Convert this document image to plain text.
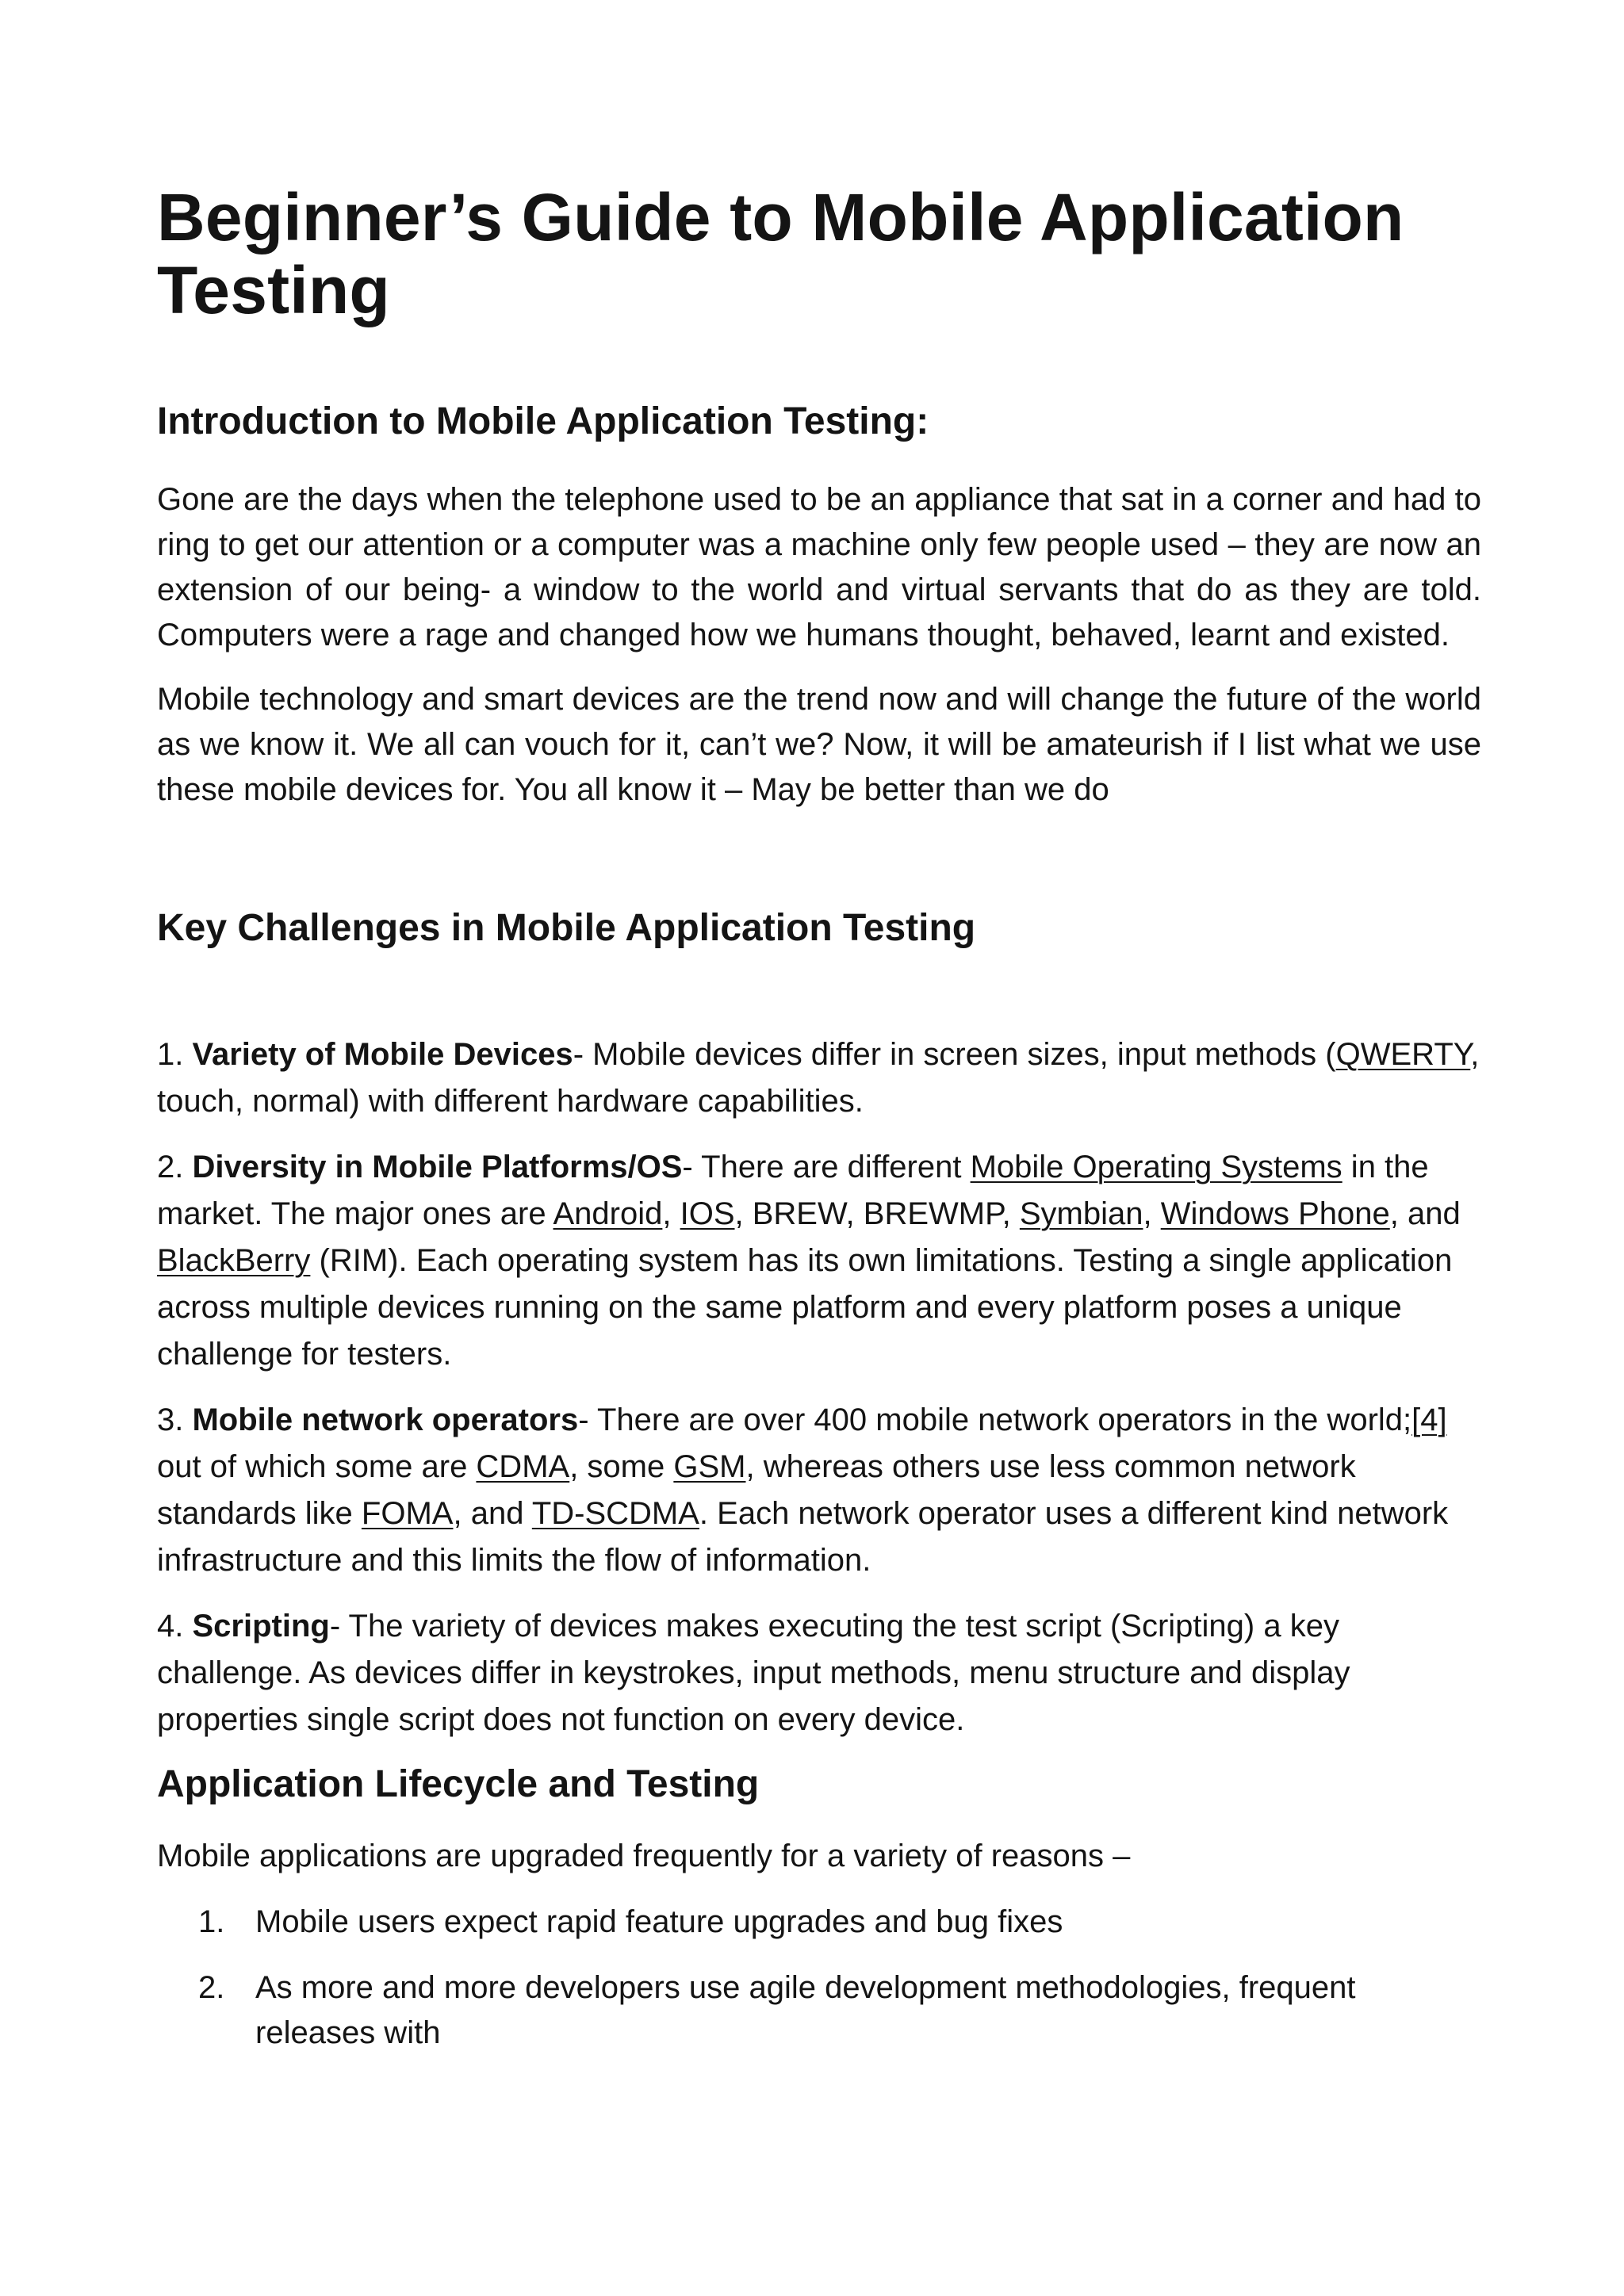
Beginner’s Guide to Mobile Application Testing
Introduction to Mobile Application Testing:

Gone are the days when the telephone used to be an appliance that sat in a corner and had to ring to get our attention or a computer was a machine only few people used – they are now an extension of our being- a window to the world and virtual servants that do as they are told. Computers were a rage and changed how we humans thought, behaved, learnt and existed.

Mobile technology and smart devices are the trend now and will change the future of the world as we know it. We all can vouch for it, can’t we? Now, it will be amateurish if I list what we use these mobile devices for. You all know it – May be better than we do

Key Challenges in Mobile Application Testing

1. Variety of Mobile Devices- Mobile devices differ in screen sizes, input methods (QWERTY, touch, normal) with different hardware capabilities.

2. Diversity in Mobile Platforms/OS- There are different Mobile Operating Systems in the market. The major ones are Android, IOS, BREW, BREWMP, Symbian, Windows Phone, and BlackBerry (RIM). Each operating system has its own limitations. Testing a single application across multiple devices running on the same platform and every platform poses a unique challenge for testers.

3. Mobile network operators- There are over 400 mobile network operators in the world;[4] out of which some are CDMA, some GSM, whereas others use less common network standards like FOMA, and TD-SCDMA. Each network operator uses a different kind network infrastructure and this limits the flow of information.

4. Scripting- The variety of devices makes executing the test script (Scripting) a key challenge. As devices differ in keystrokes, input methods, menu structure and display properties single script does not function on every device.

Application Lifecycle and Testing

Mobile applications are upgraded frequently for a variety of reasons –

1. Mobile users expect rapid feature upgrades and bug fixes
2. As more and more developers use agile development methodologies, frequent releases with
